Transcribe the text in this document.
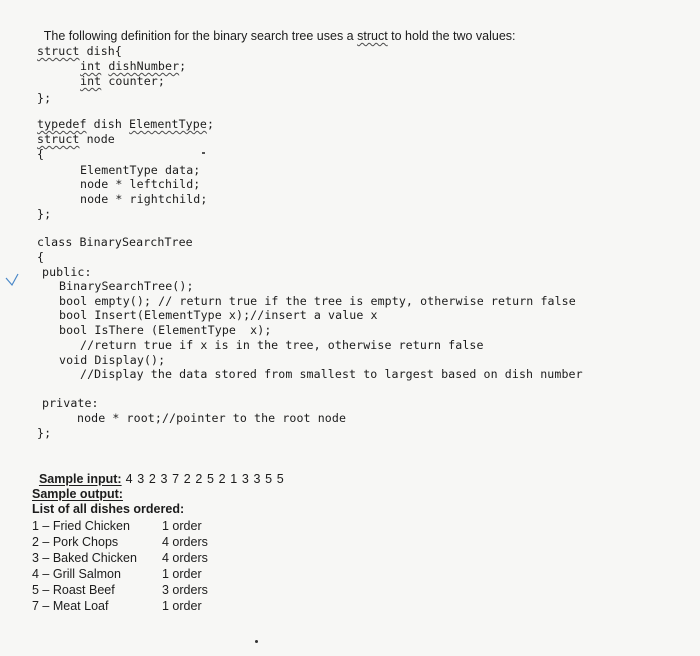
The following definition for the binary search tree uses a struct to hold the two values:

struct dish{
int dishNumber;
int counter;
};
typedef dish ElementType;
struct node
{
ElementType data;
node * leftchild;
node * rightchild;
};
class BinarySearchTree
{
public:
BinarySearchTree();
bool empty(); // return true if the tree is empty, otherwise return false
bool Insert(ElementType x);//insert a value x
bool IsThere (ElementType  x);
//return true if x is in the tree, otherwise return false
void Display();
//Display the data stored from smallest to largest based on dish number
private:
node * root;//pointer to the root node
};

Sample input: 4 3 2 3 7 2 2 5 2 1 3 3 5 5

Sample output:
List of all dishes ordered:
1 – Fried Chicken	1 order
2 – Pork Chops	4 orders
3 – Baked Chicken 4 orders
4 – Grill Salmon	1 order
5 – Roast Beef	3 orders
7 – Meat Loaf	1 order
